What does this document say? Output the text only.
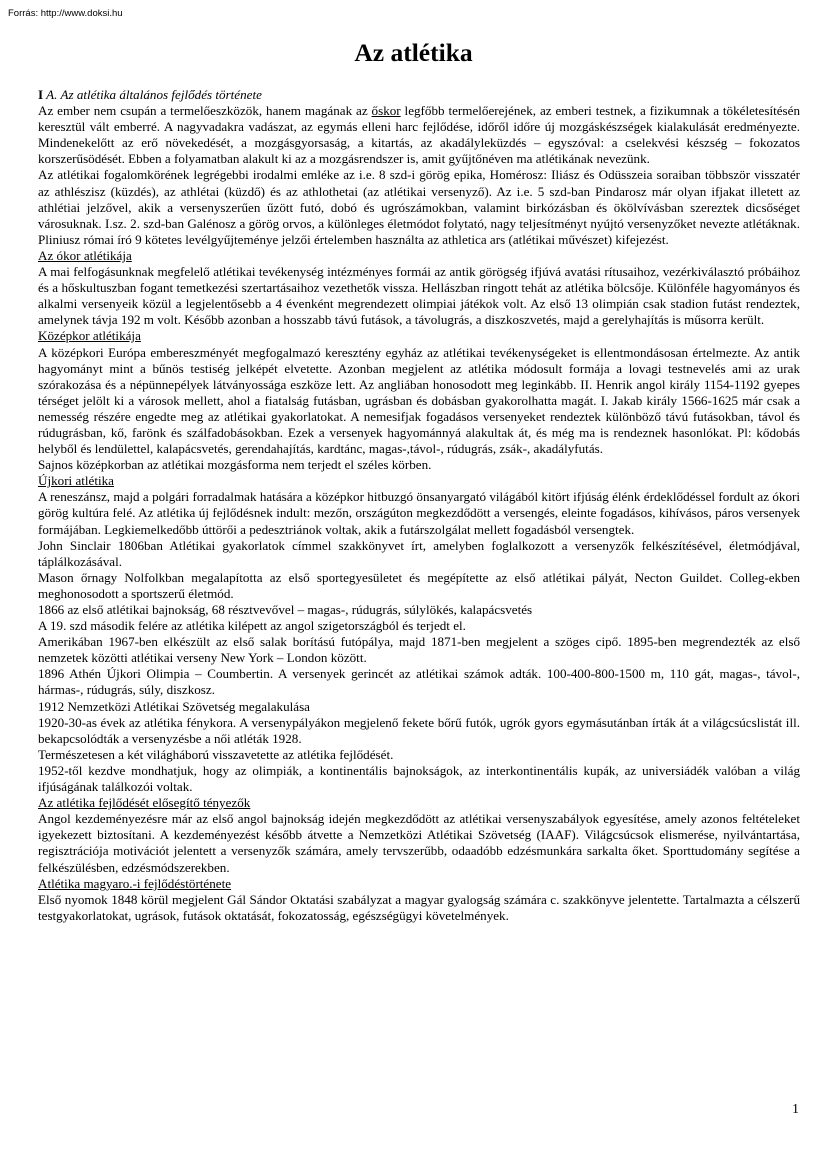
Forrás: http://www.doksi.hu
Az atlétika

I A. Az atlétika általános fejlődés története

Az ember nem csupán a termelőeszközök, hanem magának az őskor legfőbb termelőerejének, az emberi testnek, a fizikumnak a tökéletesítésén keresztül vált emberré. A nagyvadakra vadászat, az egymás elleni harc fejlődése, időről időre új mozgáskészségek kialakulását eredményezte. Mindenekelőtt az erő növekedését, a mozgásgyorsaság, a kitartás, az akadályleküzdés – egyszóval: a cselekvési készség – fokozatos korszerűsödését. Ebben a folyamatban alakult ki az a mozgásrendszer is, amit gyűjtőnéven ma atlétikának nevezünk.

Az atlétikai fogalomkörének legrégebbi irodalmi emléke az i.e. 8 szd-i görög epika, Homérosz: Iliász és Odüsszeia soraiban többször visszatér az athlészisz (küzdés), az athlétai (küzdő) és az athlothetai (az atlétikai versenyző). Az i.e. 5 szd-ban Pindarosz már olyan ifjakat illetett az athlétiai jelzővel, akik a versenyszerűen űzött futó, dobó és ugrószámokban, valamint birkózásban és ökölvívásban szereztek dicsőséget városuknak. I.sz. 2. szd-ban Galénosz a görög orvos, a különleges életmódot folytató, nagy teljesítményt nyújtó versenyzőket nevezte atlétáknak. Pliniusz római író 9 kötetes levélgyűjteménye jelzői értelemben használta az athletica ars (atlétikai művészet) kifejezést.

Az ókor atlétikája

A mai felfogásunknak megfelelő atlétikai tevékenység intézményes formái az antik görögség ifjúvá avatási rítusaihoz, vezérkiválasztó próbáihoz és a hőskultuszban fogant temetkezési szertartásaihoz vezethetők vissza. Hellászban ringott tehát az atlétika bölcsője. Különféle hagyományos és alkalmi versenyeik közül a legjelentősebb a 4 évenként megrendezett olimpiai játékok volt. Az első 13 olimpián csak stadion futást rendeztek, amelynek távja 192 m volt. Később azonban a hosszabb távú futások, a távolugrás, a diszkoszvetés, majd a gerelyhajítás is műsorra került.

Középkor atlétikája

A középkori Európa embereszményét megfogalmazó keresztény egyház az atlétikai tevékenységeket is ellentmondásosan értelmezte. Az antik hagyományt mint a bűnös testiség jelképét elvetette. Azonban megjelent az atlétika módosult formája a lovagi testnevelés ami az urak szórakozása és a népünnepélyek látványossága eszköze lett. Az angliában honosodott meg leginkább. II. Henrik angol király 1154-1192 gyepes térséget jelölt ki a városok mellett, ahol a fiatalság futásban, ugrásban és dobásban gyakorolhatta magát. I. Jakab király 1566-1625 már csak a nemesség részére engedte meg az atlétikai gyakorlatokat. A nemesifjak fogadásos versenyeket rendeztek különböző távú futásokban, távol és rúdugrásban, kő, farönk és szálfadobásokban. Ezek a versenyek hagyománnyá alakultak át, és még ma is rendeznek hasonlókat. Pl: kődobás helyből és lendülettel, kalapácsvetés, gerendahajítás, kardtánc, magas-,távol-, rúdugrás, zsák-, akadályfutás.

Sajnos középkorban az atlétikai mozgásforma nem terjedt el széles körben.

Újkori atlétika

A reneszánsz, majd a polgári forradalmak hatására a középkor hitbuzgó önsanyargató világából kitört ifjúság élénk érdeklődéssel fordult az ókori görög kultúra felé. Az atlétika új fejlődésnek indult: mezőn, országúton megkezdődött a versengés, eleinte fogadásos, kihívásos, páros versenyek formájában. Legkiemelkedőbb úttörői a pedesztriánok voltak, akik a futárszolgálat mellett fogadásból versengtek.

John Sinclair 1806ban Atlétikai gyakorlatok címmel szakkönyvet írt, amelyben foglalkozott a versenyzők felkészítésével, életmódjával, táplálkozásával.

Mason őrnagy Nolfolkban megalapította az első sportegyesületet és megépítette az első atlétikai pályát, Necton Guildet. Colleg-ekben meghonosodott a sportszerű életmód.

1866 az első atlétikai bajnokság, 68 résztvevővel – magas-, rúdugrás, súlylökés, kalapácsvetés

A 19. szd második felére az atlétika kilépett az angol szigetországból és terjedt el.

Amerikában 1967-ben elkészült az első salak borítású futópálya, majd 1871-ben megjelent a szöges cipő. 1895-ben megrendezték az első nemzetek közötti atlétikai verseny New York – London között.

1896 Athén Újkori Olimpia – Coumbertin. A versenyek gerincét az atlétikai számok adták. 100-400-800-1500 m, 110 gát, magas-, távol-, hármas-, rúdugrás, súly, diszkosz.

1912 Nemzetközi Atlétikai Szövetség megalakulása

1920-30-as évek az atlétika fénykora. A versenypályákon megjelenő fekete bőrű futók, ugrók gyors egymásutánban írták át a világcsúcslistát ill. bekapcsolódták a versenyzésbe a női atléták 1928.

Természetesen a két világháború visszavetette az atlétika fejlődését.

1952-től kezdve mondhatjuk, hogy az olimpiák, a kontinentális bajnokságok, az interkontinentális kupák, az universiádék valóban a világ ifjúságának találkozói voltak.

Az atlétika fejlődését elősegítő tényezők

Angol kezdeményezésre már az első angol bajnokság idején megkezdődött az atlétikai versenyszabályok egyesítése, amely azonos feltételeket igyekezett biztosítani. A kezdeményezést később átvette a Nemzetközi Atlétikai Szövetség (IAAF). Világcsúcsok elismerése, nyilvántartása, regisztrációja motivációt jelentett a versenyzők számára, amely tervszerűbb, odaadóbb edzésmunkára sarkalta őket. Sporttudomány segítése a felkészülésben, edzésmódszerekben.

Atlétika magyaro.-i fejlődéstörténete

Első nyomok 1848 körül megjelent Gál Sándor Oktatási szabályzat a magyar gyalogság számára c. szakkönyve jelentette. Tartalmazta a célszerű testgyakorlatokat, ugrások, futások oktatását, fokozatosság, egészségügyi követelmények.

1
